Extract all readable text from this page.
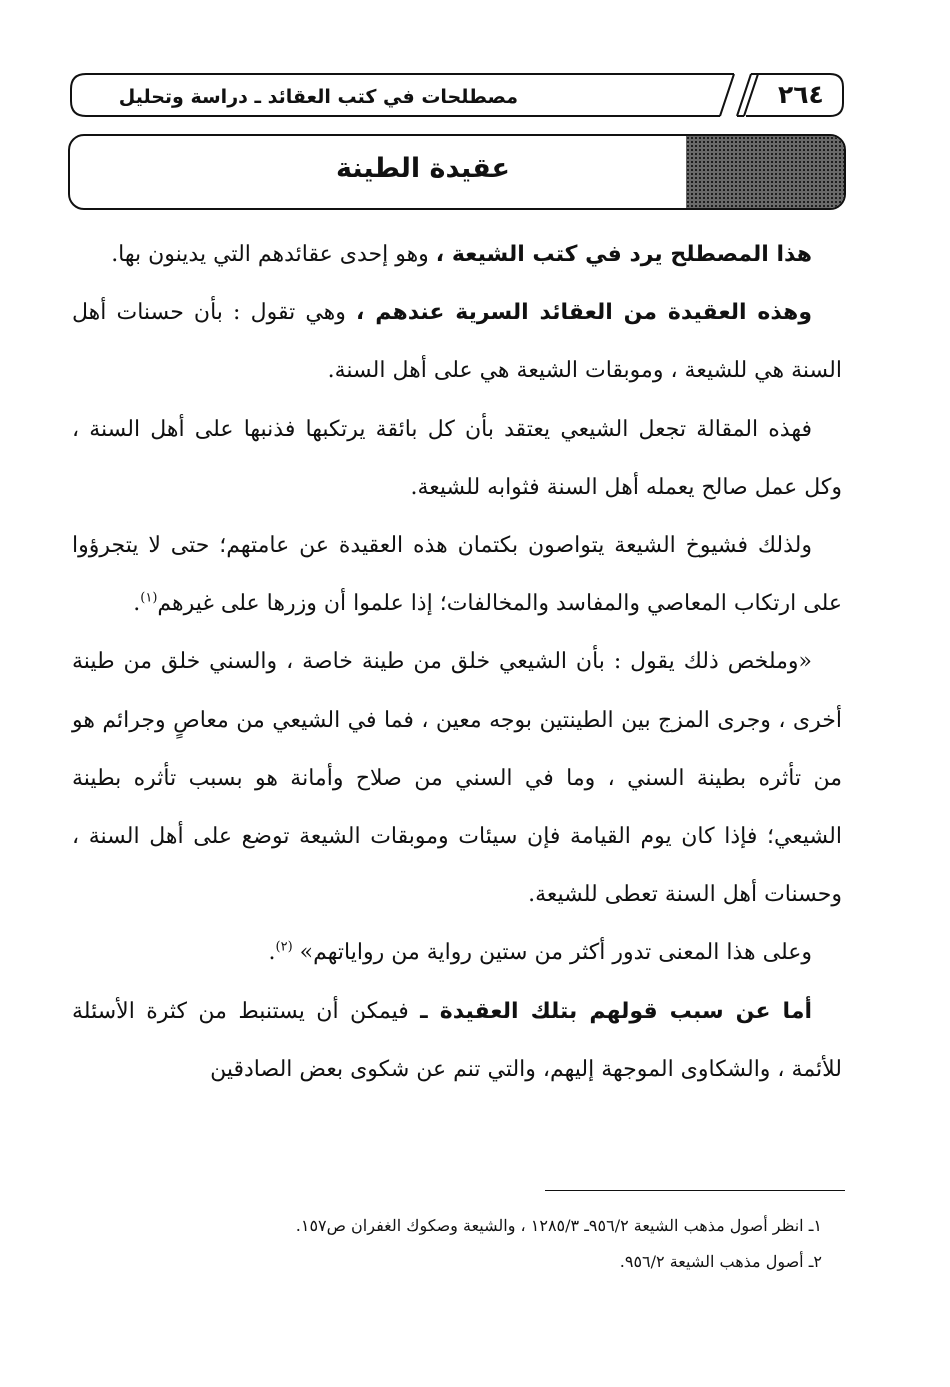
مصطلحات في كتب العقائد ـ دراسة وتحليل	٢٦٤
عقيدة الطينة

هذا المصطلح يرد في كتب الشيعة ، وهو إحدى عقائدهم التي يدينون بها.

وهذه العقيدة من العقائد السرية عندهم ، وهي تقول : بأن حسنات أهل السنة هي للشيعة ، وموبقات الشيعة هي على أهل السنة.

فهذه المقالة تجعل الشيعي يعتقد بأن كل بائقة يرتكبها فذنبها على أهل السنة ، وكل عمل صالح يعمله أهل السنة فثوابه للشيعة.

ولذلك فشيوخ الشيعة يتواصون بكتمان هذه العقيدة عن عامتهم؛ حتى لا يتجرؤوا على ارتكاب المعاصي والمفاسد والمخالفات؛ إذا علموا أن وزرها على غيرهم$^{(١)}$.

«وملخص ذلك يقول : بأن الشيعي خلق من طينة خاصة ، والسني خلق من طينة أخرى ، وجرى المزج بين الطينتين بوجه معين ، فما في الشيعي من معاصٍ وجرائم هو من تأثره بطينة السني ، وما في السني من صلاح وأمانة هو بسبب تأثره بطينة الشيعي؛ فإذا كان يوم القيامة فإن سيئات وموبقات الشيعة توضع على أهل السنة ، وحسنات أهل السنة تعطى للشيعة.

وعلى هذا المعنى تدور أكثر من ستين رواية من رواياتهم» $^{(٢)}$.

أما عن سبب قولهم بتلك العقيدة ـ فيمكن أن يستنبط من كثرة الأسئلة للأئمة ، والشكاوى الموجهة إليهم، والتي تنم عن شكوى بعض الصادقين

١ـ انظر أصول مذهب الشيعة ٩٥٦/٢ـ ١٢٨٥/٣ ، والشيعة وصكوك الغفران ص١٥٧.
٢ـ أصول مذهب الشيعة ٩٥٦/٢.
